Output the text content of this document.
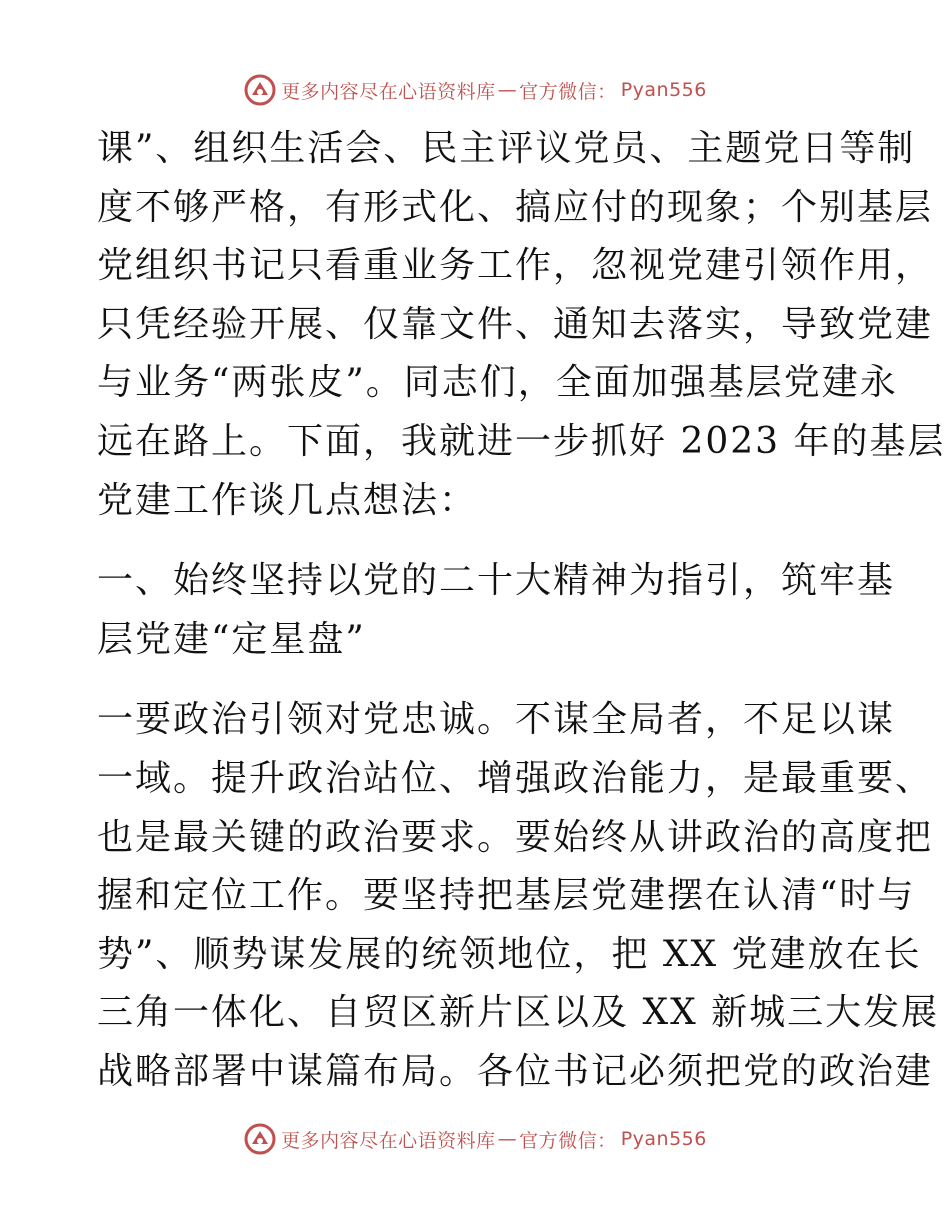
更多内容尽在心语资料库 — 官方微信： Pyan556
课”、组织生活会、民主评议党员、主题党日等制
度不够严格，有形式化、搞应付的现象；个别基层
党组织书记只看重业务工作，忽视党建引领作用，
只凭经验开展、仅靠文件、通知去落实，导致党建
与业务“两张皮”。同志们，全面加强基层党建永
远在路上。下面，我就进一步抓好 2023 年的基层
党建工作谈几点想法：
一、始终坚持以党的二十大精神为指引，筑牢基
层党建“定星盘”
一要政治引领对党忠诚。不谋全局者，不足以谋
一域。提升政治站位、增强政治能力，是最重要、
也是最关键的政治要求。要始终从讲政治的高度把
握和定位工作。要坚持把基层党建摆在认清“时与
势”、顺势谋发展的统领地位，把 XX 党建放在长
三角一体化、自贸区新片区以及 XX 新城三大发展
战略部署中谋篇布局。各位书记必须把党的政治建
更多内容尽在心语资料库 — 官方微信： Pyan556
